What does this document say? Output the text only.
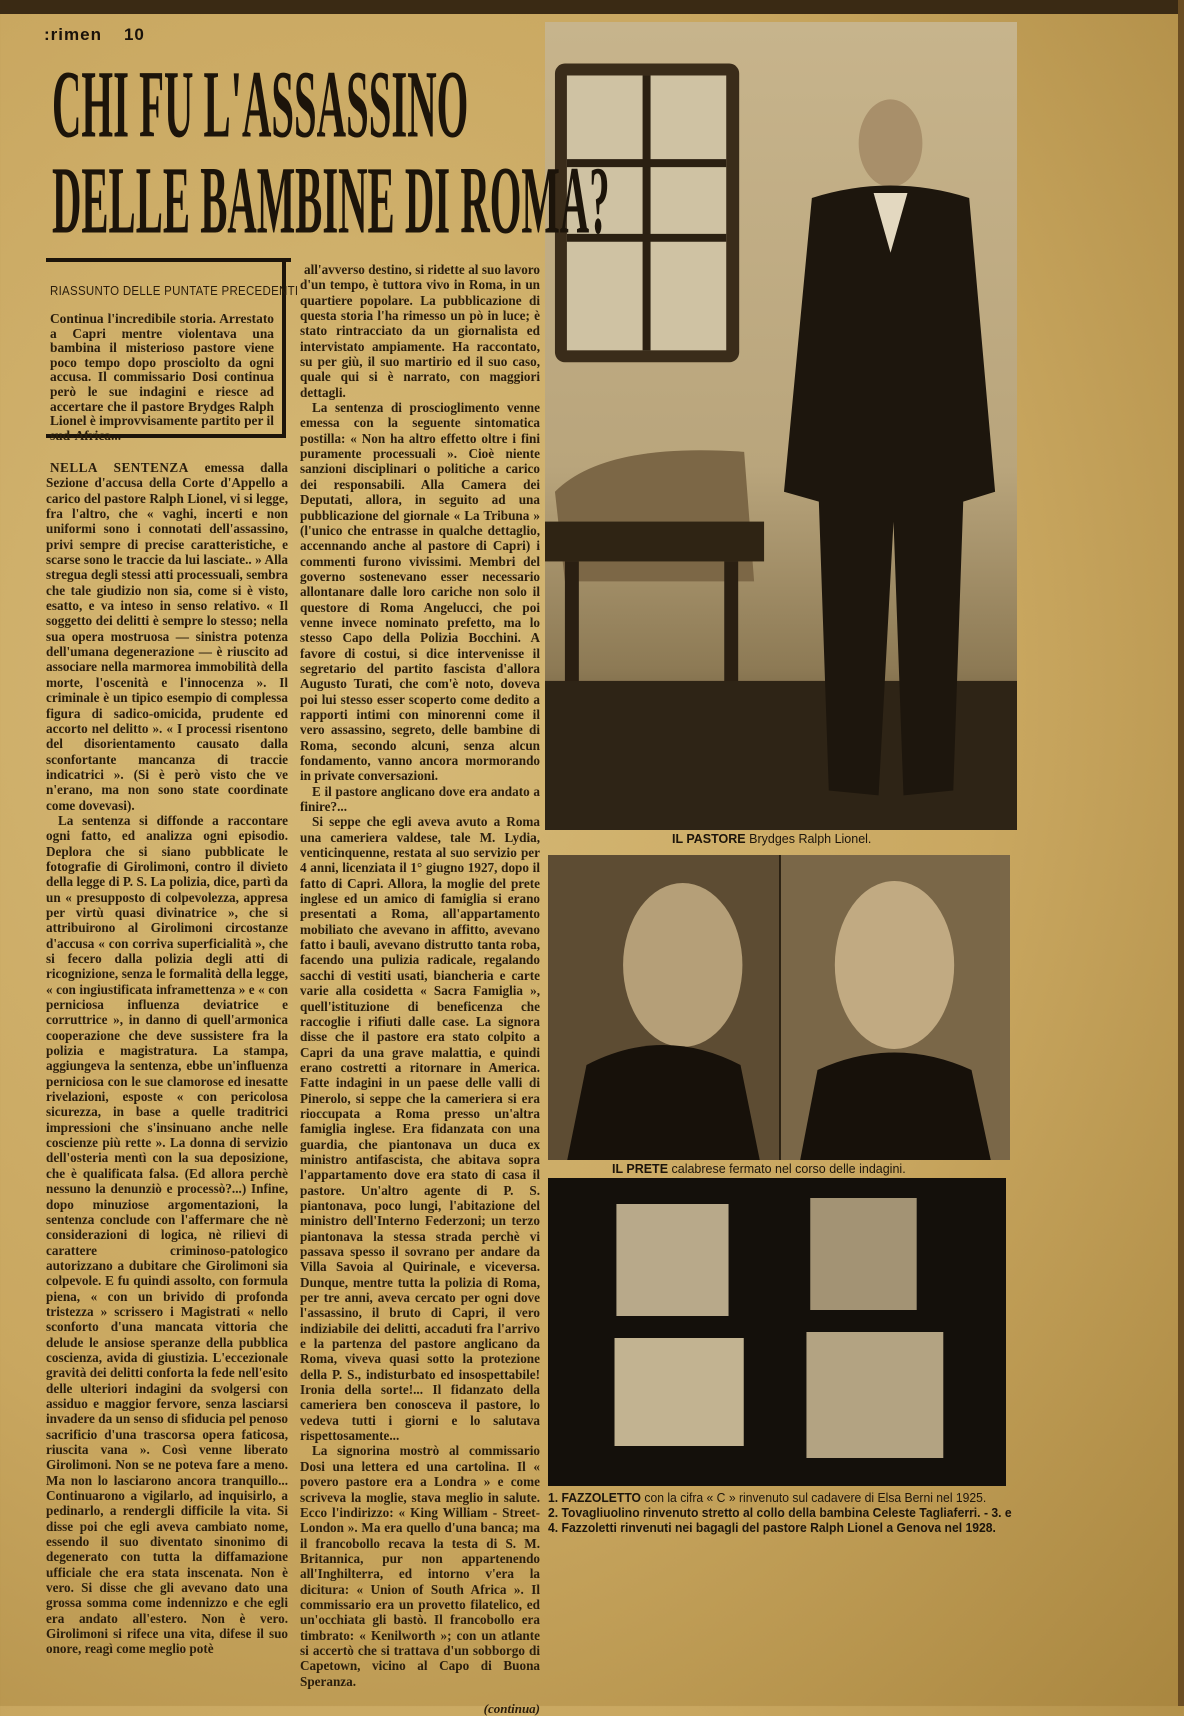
:rimen 10
IL PASTORE Brydges Ralph Lionel.
CHI FU L'ASSASSINO
DELLE BAMBINE DI ROMA?
RIASSUNTO DELLE PUNTATE PRECEDENTI

Continua l'incredibile storia. Arrestato a Capri mentre violentava una bambina il misterioso pastore viene poco tempo dopo prosciolto da ogni accusa. Il commissario Dosi continua però le sue indagini e riesce ad accertare che il pastore Brydges Ralph Lionel è improvvisamente partito per il sud-Africa...

NELLA SENTENZA emessa dalla Sezione d'accusa della Corte d'Appello a carico del pastore Ralph Lionel, vi si legge, fra l'altro, che « vaghi, incerti e non uniformi sono i connotati dell'assassino, privi sempre di precise caratteristiche, e scarse sono le traccie da lui lasciate.. » Alla stregua degli stessi atti processuali, sembra che tale giudizio non sia, come si è visto, esatto, e va inteso in senso relativo. « Il soggetto dei delitti è sempre lo stesso; nella sua opera mostruosa — sinistra potenza dell'umana degenerazione — è riuscito ad associare nella marmorea immobilità della morte, l'oscenità e l'innocenza ». Il criminale è un tipico esempio di complessa figura di sadico-omicida, prudente ed accorto nel delitto ». « I processi risentono del disorientamento causato dalla sconfortante mancanza di traccie indicatrici ». (Si è però visto che ve n'erano, ma non sono state coordinate come dovevasi).

La sentenza si diffonde a raccontare ogni fatto, ed analizza ogni episodio. Deplora che si siano pubblicate le fotografie di Girolimoni, contro il divieto della legge di P. S. La polizia, dice, partì da un « presupposto di colpevolezza, appresa per virtù quasi divinatrice », che si attribuirono al Girolimoni circostanze d'accusa « con corriva superficialità », che si fecero dalla polizia degli atti di ricognizione, senza le formalità della legge, « con ingiustificata inframettenza » e « con perniciosa influenza deviatrice e corruttrice », in danno di quell'armonica cooperazione che deve sussistere fra la polizia e magistratura. La stampa, aggiungeva la sentenza, ebbe un'influenza perniciosa con le sue clamorose ed inesatte rivelazioni, esposte « con pericolosa sicurezza, in base a quelle traditrici impressioni che s'insinuano anche nelle coscienze più rette ». La donna di servizio dell'osteria mentì con la sua deposizione, che è qualificata falsa. (Ed allora perchè nessuno la denunziò e processò?...) Infine, dopo minuziose argomentazioni, la sentenza conclude con l'affermare che nè considerazioni di logica, nè rilievi di carattere criminoso-patologico autorizzano a dubitare che Girolimoni sia colpevole. E fu quindi assolto, con formula piena, « con un brivido di profonda tristezza » scrissero i Magistrati « nello sconforto d'una mancata vittoria che delude le ansiose speranze della pubblica coscienza, avida di giustizia. L'eccezionale gravità dei delitti conforta la fede nell'esito delle ulteriori indagini da svolgersi con assiduo e maggior fervore, senza lasciarsi invadere da un senso di sfiducia pel penoso sacrificio d'una trascorsa opera faticosa, riuscita vana ». Così venne liberato Girolimoni. Non se ne poteva fare a meno. Ma non lo lasciarono ancora tranquillo... Continuarono a vigilarlo, ad inquisirlo, a pedinarlo, a rendergli difficile la vita. Si disse poi che egli aveva cambiato nome, essendo il suo diventato sinonimo di degenerato con tutta la diffamazione ufficiale che era stata inscenata. Non è vero. Si disse che gli avevano dato una grossa somma come indennizzo e che egli era andato all'estero. Non è vero. Girolimoni si rifece una vita, difese il suo onore, reagì come meglio potè

all'avverso destino, si ridette al suo lavoro d'un tempo, è tuttora vivo in Roma, in un quartiere popolare. La pubblicazione di questa storia l'ha rimesso un pò in luce; è stato rintracciato da un giornalista ed intervistato ampiamente. Ha raccontato, su per giù, il suo martirio ed il suo caso, quale qui si è narrato, con maggiori dettagli.

La sentenza di proscioglimento venne emessa con la seguente sintomatica postilla: « Non ha altro effetto oltre i fini puramente processuali ». Cioè niente sanzioni disciplinari o politiche a carico dei responsabili. Alla Camera dei Deputati, allora, in seguito ad una pubblicazione del giornale « La Tribuna » (l'unico che entrasse in qualche dettaglio, accennando anche al pastore di Capri) i commenti furono vivissimi. Membri del governo sostenevano esser necessario allontanare dalle loro cariche non solo il questore di Roma Angelucci, che poi venne invece nominato prefetto, ma lo stesso Capo della Polizia Bocchini. A favore di costui, si dice intervenisse il segretario del partito fascista d'allora Augusto Turati, che com'è noto, doveva poi lui stesso esser scoperto come dedito a rapporti intimi con minorenni come il vero assassino, segreto, delle bambine di Roma, secondo alcuni, senza alcun fondamento, vanno ancora mormorando in private conversazioni.

E il pastore anglicano dove era andato a finire?...

Si seppe che egli aveva avuto a Roma una cameriera valdese, tale M. Lydia, venticinquenne, restata al suo servizio per 4 anni, licenziata il 1° giugno 1927, dopo il fatto di Capri. Allora, la moglie del prete inglese ed un amico di famiglia si erano presentati a Roma, all'appartamento mobiliato che avevano in affitto, avevano fatto i bauli, avevano distrutto tanta roba, facendo una pulizia radicale, regalando sacchi di vestiti usati, biancheria e carte varie alla cosidetta « Sacra Famiglia », quell'istituzione di beneficenza che raccoglie i rifiuti dalle case. La signora disse che il pastore era stato colpito a Capri da una grave malattia, e quindi erano costretti a ritornare in America. Fatte indagini in un paese delle valli di Pinerolo, si seppe che la cameriera si era rioccupata a Roma presso un'altra famiglia inglese. Era fidanzata con una guardia, che piantonava un duca ex ministro antifascista, che abitava sopra l'appartamento dove era stato di casa il pastore. Un'altro agente di P. S. piantonava, poco lungi, l'abitazione del ministro dell'Interno Federzoni; un terzo piantonava la stessa strada perchè vi passava spesso il sovrano per andare da Villa Savoia al Quirinale, e viceversa. Dunque, mentre tutta la polizia di Roma, per tre anni, aveva cercato per ogni dove l'assassino, il bruto di Capri, il vero indiziabile dei delitti, accaduti fra l'arrivo e la partenza del pastore anglicano da Roma, viveva quasi sotto la protezione della P. S., indisturbato ed insospettabile! Ironia della sorte!... Il fidanzato della cameriera ben conosceva il pastore, lo vedeva tutti i giorni e lo salutava rispettosamente...

La signorina mostrò al commissario Dosi una lettera ed una cartolina. Il « povero pastore era a Londra » e come scriveva la moglie, stava meglio in salute. Ecco l'indirizzo: « King William - Street-London ». Ma era quello d'una banca; ma il francobollo recava la testa di S. M. Britannica, pur non appartenendo all'Inghilterra, ed intorno v'era la dicitura: « Union of South Africa ». Il commissario era un provetto filatelico, ed un'occhiata gli bastò. Il francobollo era timbrato: « Kenilworth »; con un atlante si accertò che si trattava d'un sobborgo di Capetown, vicino al Capo di Buona Speranza.

(continua)
IL PRETE calabrese fermato nel corso delle indagini.
1. FAZZOLETTO con la cifra « C » rinvenuto sul cadavere di Elsa Berni nel 1925.
2. Tovagliuolino rinvenuto stretto al collo della bambina Celeste Tagliaferri. - 3. e
4. Fazzoletti rinvenuti nei bagagli del pastore Ralph Lionel a Genova nel 1928.
